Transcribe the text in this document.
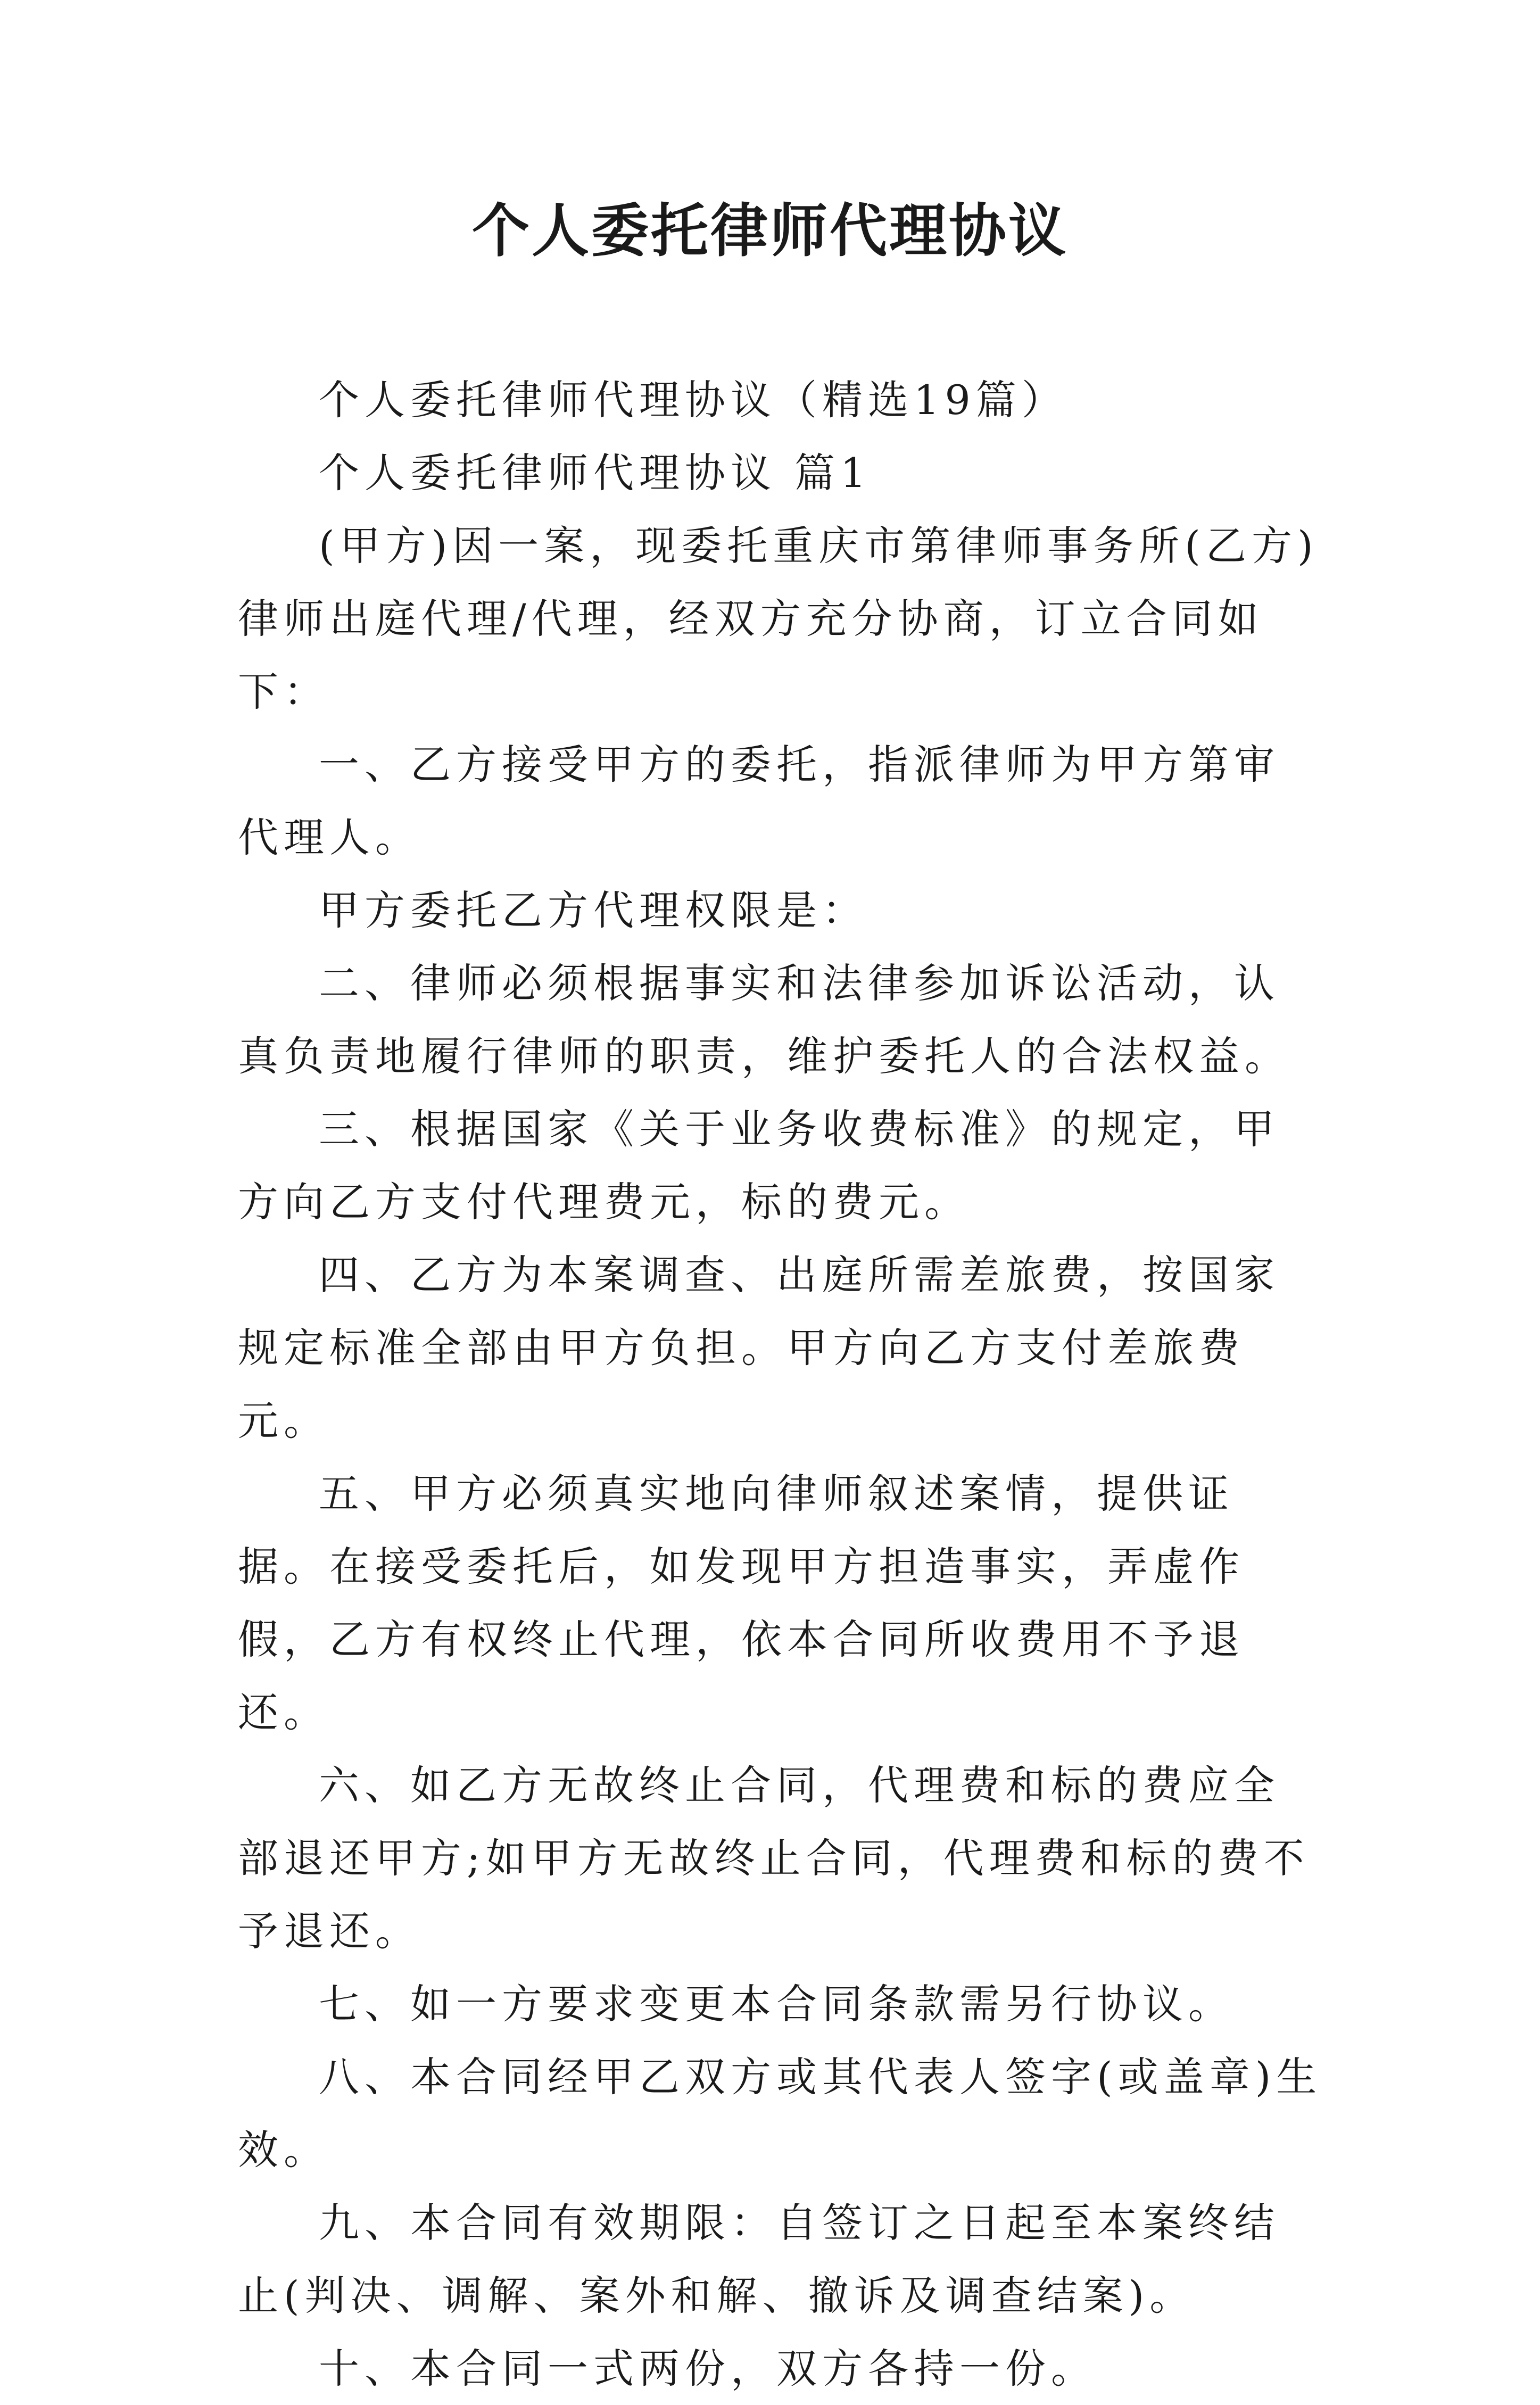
个人委托律师代理协议

个人委托律师代理协议（精选19篇）

个人委托律师代理协议 篇1

(甲方)因一案，现委托重庆市第律师事务所(乙方)律师出庭代理/代理，经双方充分协商，订立合同如下：

一、乙方接受甲方的委托，指派律师为甲方第审代理人。

甲方委托乙方代理权限是：

二、律师必须根据事实和法律参加诉讼活动，认真负责地履行律师的职责，维护委托人的合法权益。

三、根据国家《关于业务收费标准》的规定，甲方向乙方支付代理费元，标的费元。

四、乙方为本案调查、出庭所需差旅费，按国家规定标准全部由甲方负担。甲方向乙方支付差旅费元。

五、甲方必须真实地向律师叙述案情，提供证据。在接受委托后，如发现甲方担造事实，弄虚作假，乙方有权终止代理，依本合同所收费用不予退还。

六、如乙方无故终止合同，代理费和标的费应全部退还甲方;如甲方无故终止合同，代理费和标的费不予退还。

七、如一方要求变更本合同条款需另行协议。

八、本合同经甲乙双方或其代表人签字(或盖章)生效。

九、本合同有效期限：自签订之日起至本案终结止(判决、调解、案外和解、撤诉及调查结案)。

十、本合同一式两份，双方各持一份。
